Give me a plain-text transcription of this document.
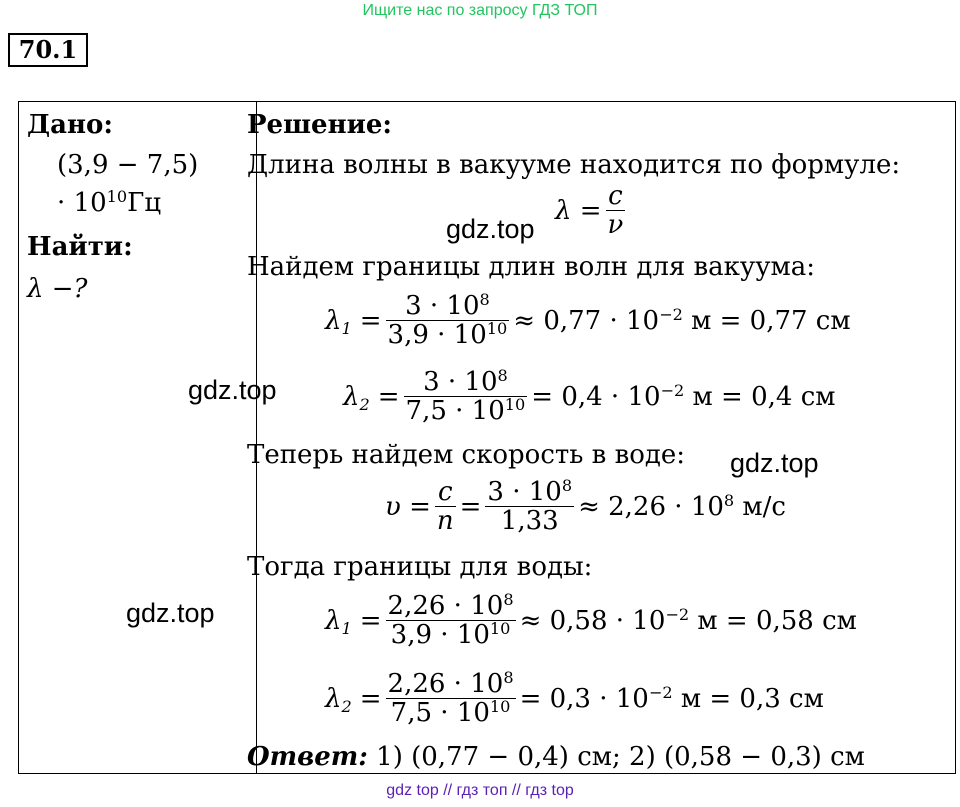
Ищите нас по запросу ГДЗ ТОП
70.1
Дано:
(3,9 − 7,5)
· $10^{10}Гц$
Найти:
λ −?
Решение:
Длина волны в вакууме находится по формуле:
$\lambda = \frac{c}{\nu}$
Найдем границы длин волн для вакуума:
$\lambda_1 = \frac{3 \cdot 10^8}{3,9 \cdot 10^{10}} \approx 0,77 \cdot 10^{-2}$ м = 0,77 см
$\lambda_2 = \frac{3 \cdot 10^8}{7,5 \cdot 10^{10}} = 0,4 \cdot 10^{-2}$ м = 0,4 см
Теперь найдем скорость в воде:
$\upsilon = \frac{c}{n} = \frac{3 \cdot 10^8}{1,33} \approx 2,26 \cdot 10^8$ м/с
Тогда границы для воды:
$\lambda_1 = \frac{2,26 \cdot 10^8}{3,9 \cdot 10^{10}} \approx 0,58 \cdot 10^{-2}$ м = 0,58 см
$\lambda_2 = \frac{2,26 \cdot 10^8}{7,5 \cdot 10^{10}} = 0,3 \cdot 10^{-2}$ м = 0,3 см
Ответ: 1) (0,77 − 0,4) см; 2) (0,58 − 0,3) см
gdz.top
gdz.top
gdz.top
gdz.top
gdz top // гдз топ // гдз top
